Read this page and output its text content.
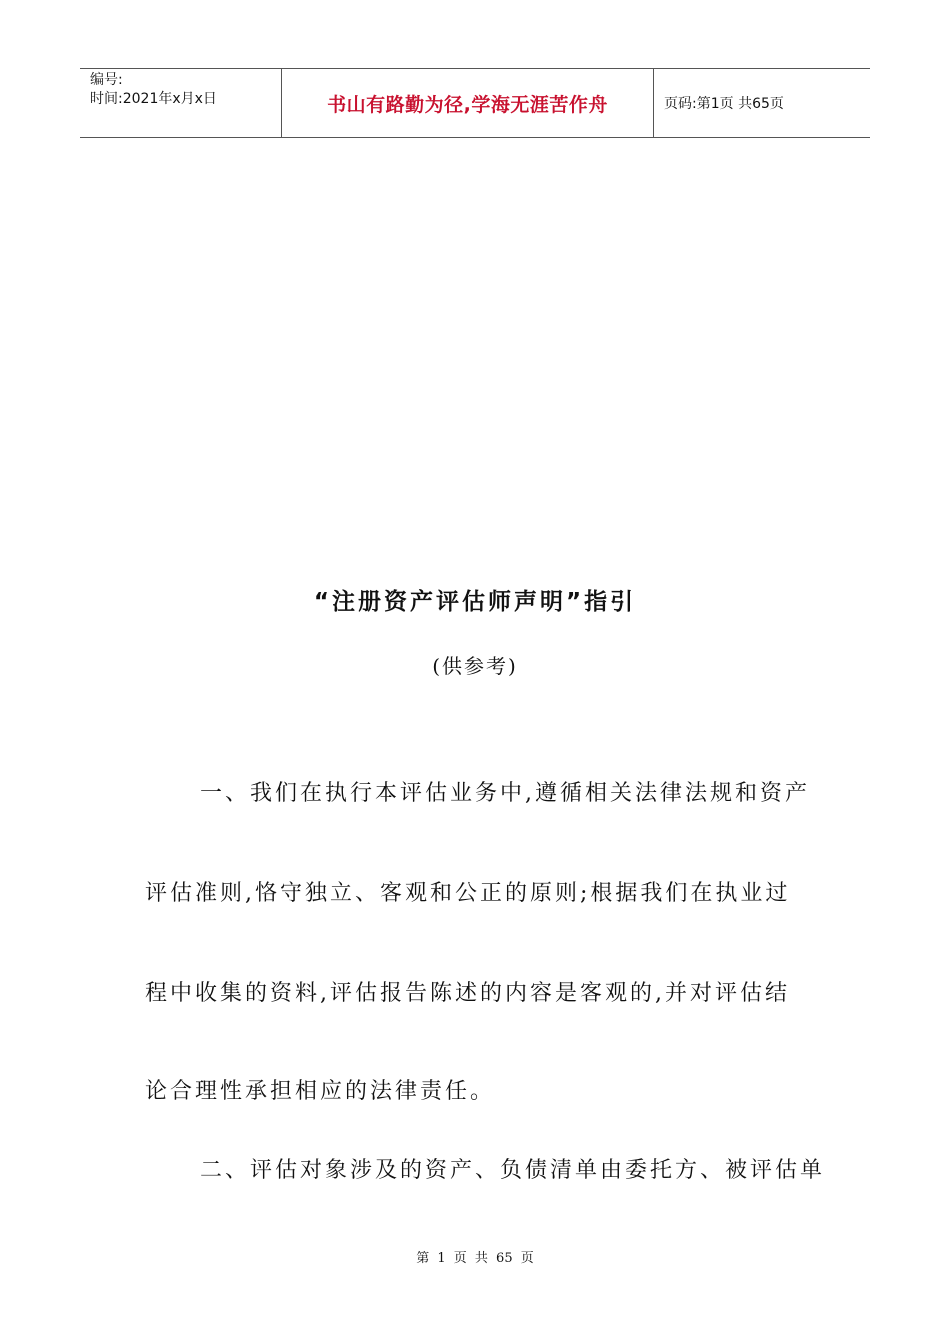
编号:
时间:2021年x月x日	书山有路勤为径,学海无涯苦作舟	页码:第1页 共65页
“注册资产评估师声明”指引
(供参考)
一、我们在执行本评估业务中,遵循相关法律法规和资产
评估准则,恪守独立、客观和公正的原则;根据我们在执业过
程中收集的资料,评估报告陈述的内容是客观的,并对评估结
论合理性承担相应的法律责任。
二、评估对象涉及的资产、负债清单由委托方、被评估单
第 1 页 共 65 页
